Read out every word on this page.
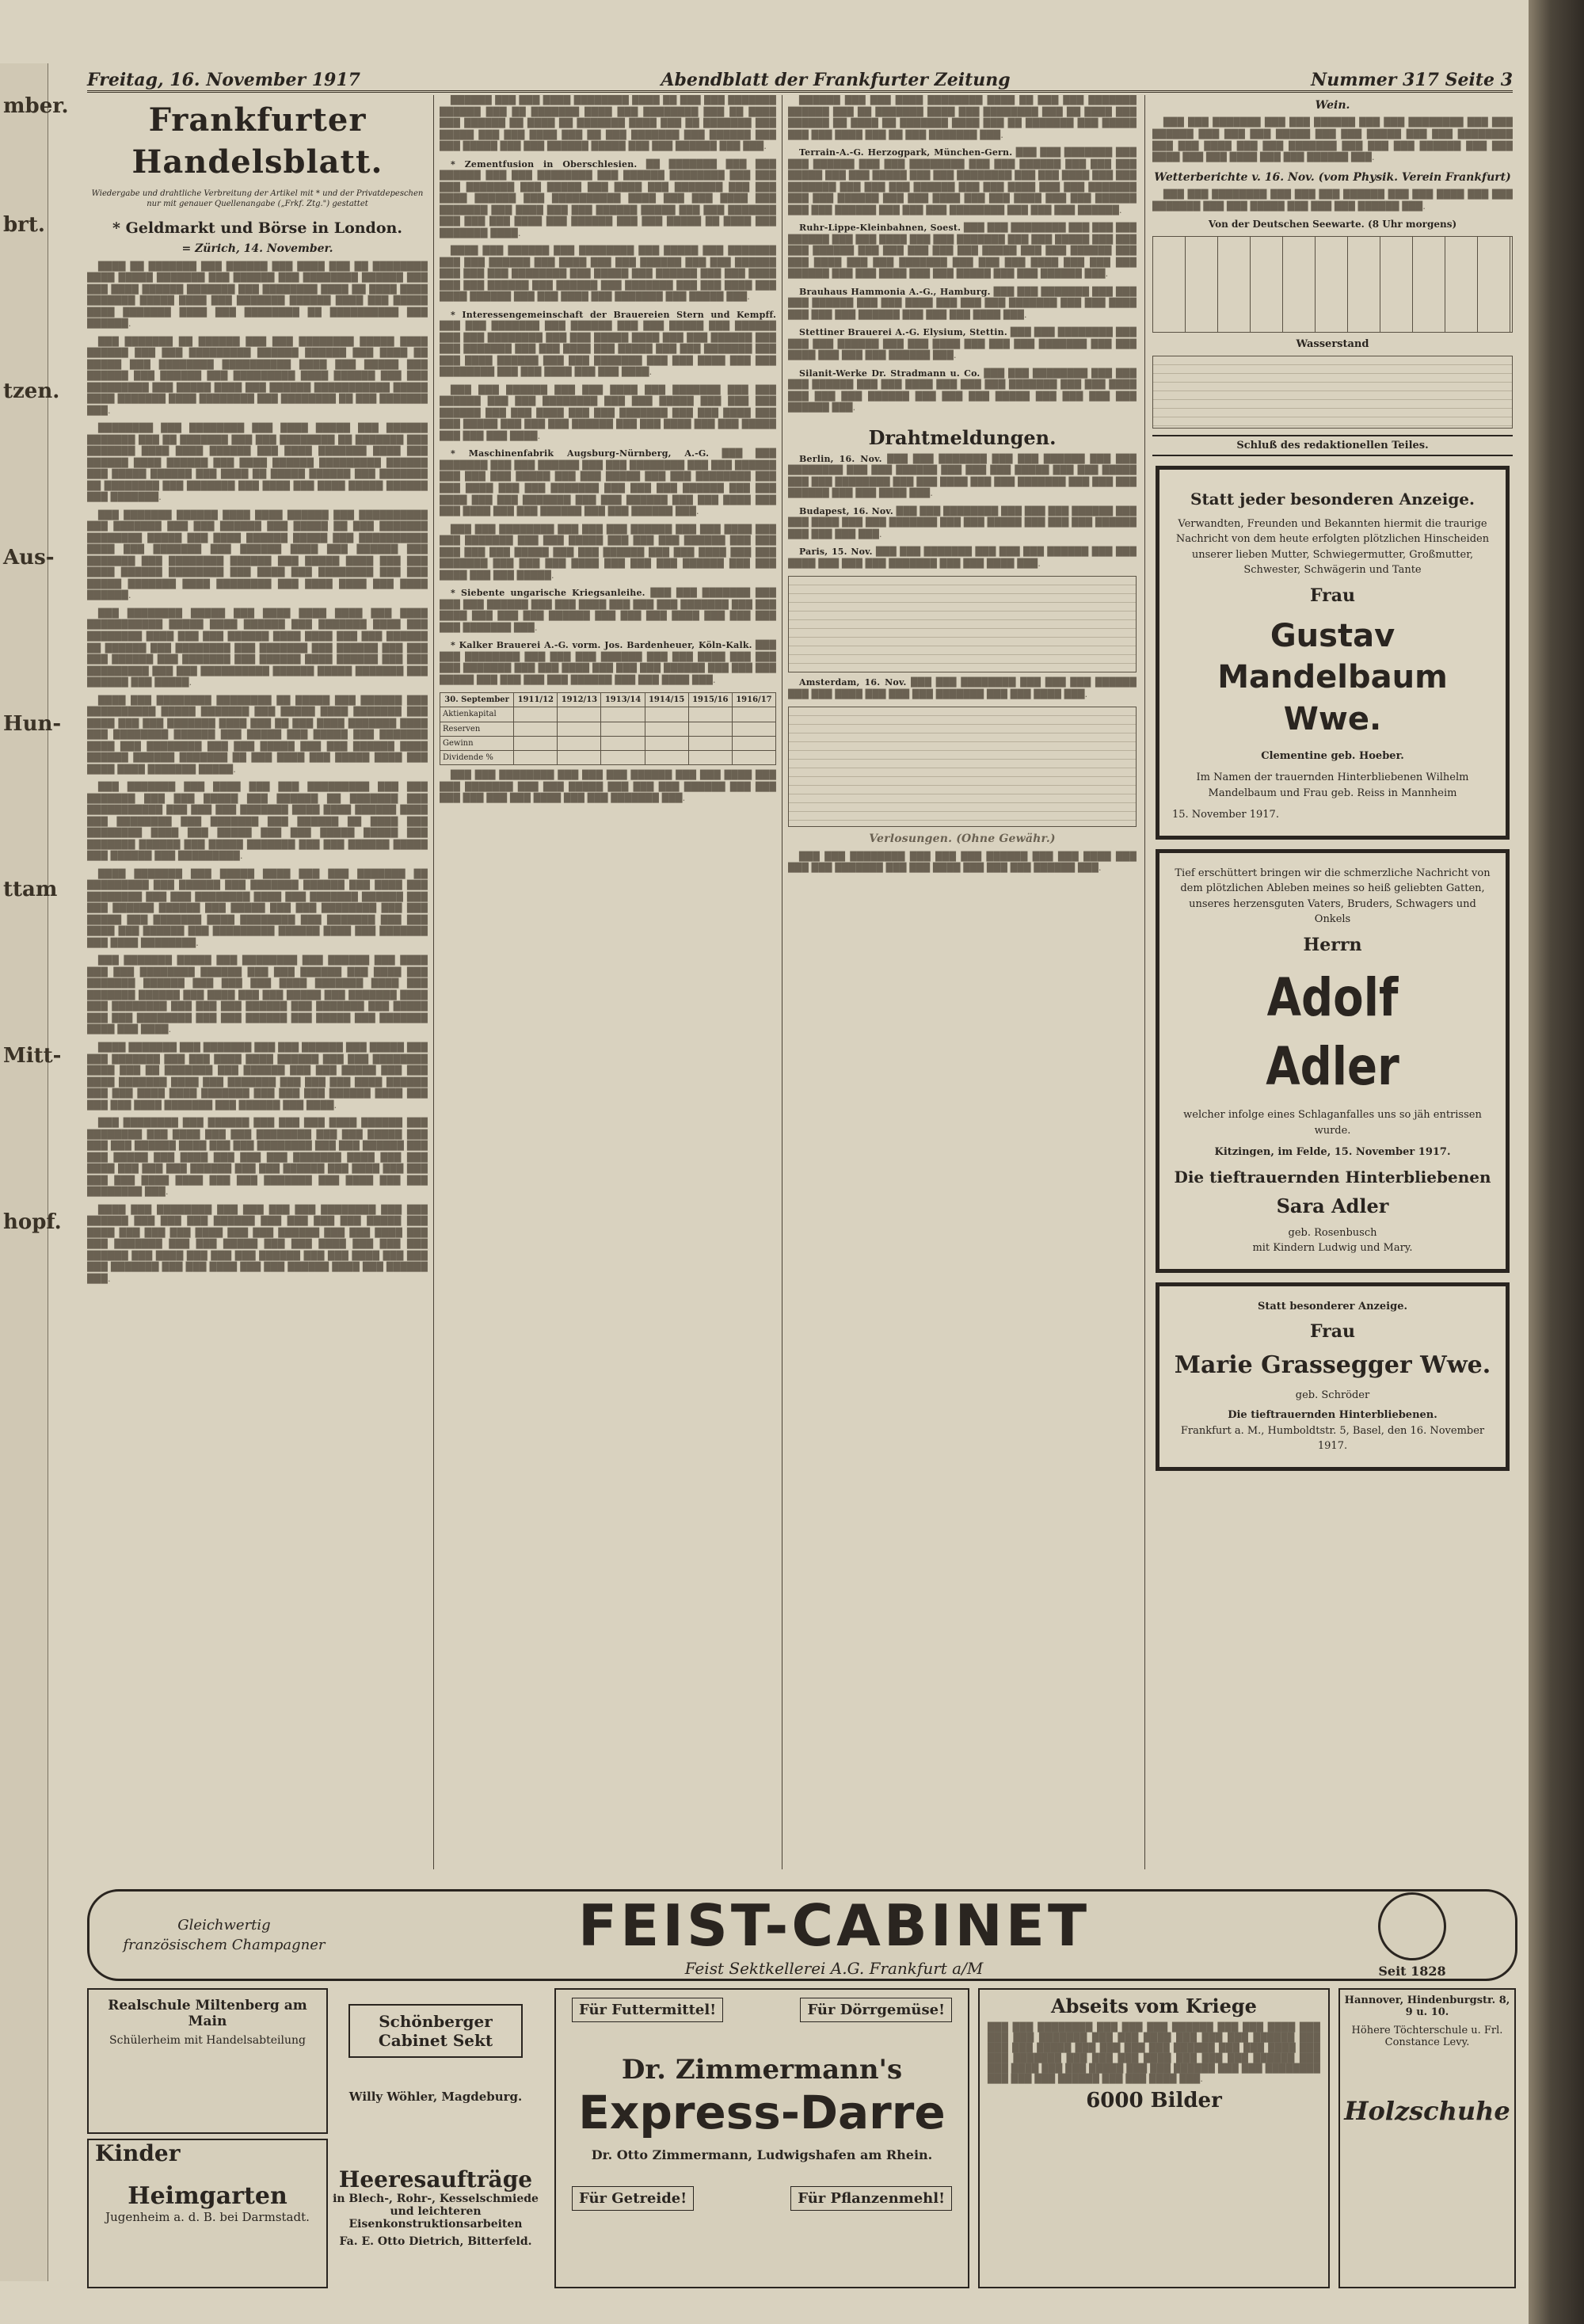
mber.
brt.
tzen.
Aus-
Hun-
ttam
Mitt-
hopf.
Freitag, 16. November 1917	Abendblatt der Frankfurter Zeitung	Nummer 317 Seite 3
Frankfurter Handelsblatt.
Wiedergabe und drahtliche Verbreitung der Artikel mit * und der Privatdepeschen nur mit genauer Quellenangabe („Frkf. Ztg.") gestattet
* Geldmarkt und Börse in London.
= Zürich, 14. November.
████ ██ ███████ ███ ██████ ███ ████ ███ ██ ████████ ████ █████ ███████ ███ ██████ ███ ████████ ██████ ███ ███ ████ ██████ ███████ ███ ████████ ████ ██ ████ ████ ███████ █████ ████ ███ ███████ ██████ ████ ███ █████ ████ ███████ ████ ███ ████████ ██ ██████████ ███ ██████.
███ ███████ ██ ██████ ███ ███ ████████ █████ ████ ██████ ███ ███ █████████ ██████ ██████ ███ ████ ██ █████ ███ ████████ ██████████ ████ ███ █████ ███ ██████ ███ ██████ ███ █████████ ████ ██████ ███ ███ █████████ ███ █████ ████ ███ ██████ ███████████ █████ ████ ███████ ████ ████████ ███ ████████ ██ ███ ███████ ███.
████████ ███ ████████ ███ ████ █████ ███ ██████ ███████ ███ ██ ███████ ███ ███ ████████ ██ ███████ ███ ███████ ████ ████ ██████ ███ ████ ███████ ████ ███ ██████ ████ ██████ ███ ████ ██████ █████████ ██████ ███ █████ ██████ ███ ████ ██ █████ ██████ ███ ███████ ██ ████████ ███ ███████ ███ ████ ███ ████ █████ ██████ ███ ███████.
███ ███████ ██████ ████ ████ ██████ ███ ██████████ ███ ███████ ███ ███ ██████ ███ █████ ██ ███ ███████ ████████ █████ ███ ████ ██████ █████ ███ ██████████ ████ ███ ███████ ███ ██████ ████ ███ ██████ ███ ███████ ███ ████████ ██████ ███ █████ ████ ███ ███ ████ ██████ ████████ ███ ████ ███ ████████ ███ ███ █████ ███████ ████ ████████ ███ ████ ████ ███ ████ ██████.
███ ████████ █████ ███ ████ ████ ████ ███ ████ ███████████ █████ ████ ██████ ███ ███████ ████ ███ ████████ ████ ███ ███ ██████ ████ ████ ███ ███ ██████ ██ ██████ ███ ████████ ███ ███████ ███ ██████ ███ ███ ███ ██████ ███ ███████ ███ ██████ ████ ██████ ███ ███ █████████ ███ ███ ██████████ ██████ █████ ███████ ███ ██████ ███ █████.
████ ███ ████████ ████████ ██ █████ ███ ██████ ███ ██████████ █████ ███████ ███ █████ ████ ███████ ███ ████ ███ ███ ███████ ████ ███ ██ ███ ████ ███████ ████ ███ ████████ ██████ ███ █████ ███ █████ ███ ███████ ████ ███ ████████ ███ ███ █████ ███ ███ ██████ ████ ██████ ██████ ███████ ██ ███ ████ ███ █████ ████ ███ ████ ████ ███████ █████.
███ ███████ ███ ████ ███ ███ █████████ ███ ███ ███████ ███ ███ █████ ███ ██████ ██ ███████ ███ ███████████ ███ ███ ███ ███████ ████ ████ ██████ ████ ███ ████████ ███ ███████ ███ ██████ ██ ████ ███ ████████ ████ ███ █████ ███ ███ █████ █████ ███ ███████ ██████ ███ █████ ███████ ███ ███ ██████ █████ ███ ██████ ███ █████████.
████ ███████ ███ █████ ████ ███ ███ ███████ ██ █████████ ███ ██████ ███ ███████ ██████ ███ ████ ███ ████████ ███ ███ ████████ ████ ███ ███████ ██████ ███ ███ ██████ ██████ ███ █████ ███ ███ ████████ ███ ███ █████ ███ ███████ ████ ████████ ███ ███████ ███ ███ ████ ███ ██████ ███ █████████ ██████ ████ ███ ███████ ███ ████ ████████.
███ ███████ █████ ███ ████████ ███ ██████ ███ ████ ███ ███ ████████ ██████ ███ ███ ██████ ███ ████ ███ ███████ ██████ ███ ███ ███ ████ ███████ ████ ███ ███████ ██████ ███ ████ ███ ███ █████ ███ ███████ ████ ███ ████████ ███ ███ ███ ██████ ███ ███████ ███ █████ ███ ███ ████████ ███ ███ ██████ ███ █████ ███ ███████ ████ ███ ████.
████ ███████ ███ ███████ ███ ███ ██████ ███ █████ ███ ███ ███████ ███ ███ ████ ████ ██████ ███ ███ ████████ ████ ███ ██ ███████ ███ ██████ ███ ███ █████ ███ ███ ████ ███████ ████ ███ ███████ ███ ███ ███ ████ ██████ ███ ███ ████ ████ ███████ ███ ███ ███ ██████ ████ ███ ███ ███ ████ ███████ ███ ██████ ███ ████.
███ ████████ ███ ██████ ███ ███ ███ ████ ██████ ███ ████████ ███ ████ ███ ███ ████████ ███ ███ █████ ███ ███ ███ ██████ ████ ███ ███ ████████ ███ ███ ██████ ███ ███ █████ ███ ████ ███ ███ ███ ███████ ████ ███ ███ ████ ███ ███ ███ ██████ ███ ███ ██████ ███ ████ ███ ███ ███ ███ ████ ████ ███ ███ ███████ ███ ████ ███ ███ ████████ ███.
████ ███ ████████ ███ ███ ███ ███ ████████ ███ ███ ██████ ███ ███ ███ ██████ ███ ███ ███ ███ █████ ███ ████ ███ ███ ███ ████ ███ ███ ██████ ███ ███ ████ ███ ███ ███████ ███ ███ █████ ███ ███ ████ ███ ███ ███ ██████ ███ ████ ███ ███ ███ ██████ ███ ███ ████ ███ ███ ███ ███████ ███ ███ ████ ███ ███ ██████ ████ ███ ██████ ███.
██████ ███ ███ ████ ████████ ████ ██ ███ ███ ███████ ██████ ███ ██ ███████ ████ ███ ████████ ███ ██ ████ ███ ██████ ██ ████ ██ ███████ ████ ███ ██ ███████ ███ █████ ███ ███ ████ ███ ██ ███ ███████ ███ ██████ ███ ███ █████ ███ ███ ██████ █████ ███ ███ ██████ ███ ███.
* Zementfusion in Oberschlesien. ██ ███████ ███ ███ ██████ ███ ███ ████████ ███ ██████ ████████ ███ ███ ███ ███████ ███ █████ ███ ████ ███ ███████ ███ ███ ████ ██████ ███ ██████████ ████ ███ ███ ████ ███ ███████ ███ ████ ███ ███ ██████ █████ ███ ███ ███████ ███ ███ ███ ████ ███ ██████ ███ ███ █████ ██ ████ ███ ███████ ████.
████ ███ ██████ ███ ████████ ███ █████ ███ ███████ ███ ███ ██████ ███ ████ ███ ███ ██████ ███ ███ ██████ ███ ███ ███ ████████ ███ █████ ███ ██████ ███ ███ ████ ███ ███ ██████ ███ ██████ ███ ███████ ███ ███ ████ ███ ████ ██████ ███ ███ ████ ███ ███████ ███ █████ ███.
* Interessengemeinschaft der Brauereien Stern und Kempff. ███ ███ ███████ ███ ██████ ███ ███ █████ ███ ██████ ███ ███ ████████ ███ ███ █████ ████ ███ ███ ██████ ███ ███ ███████ ███ ███ ████ ███ █████ ███ ███ ███████ ███ ███ ████ ██████ ███ ███ ███████ ███ ███ ████ ███ ███ ████████ ███ ███ ████ ███ ███ ████.
███ ███ ██████ ███ ███ ████ ███ ███████ ███ ███ ██████ ███ ███ ████████ ███ ███ █████ ███ ███ ███ ██████ ███ ███ ████ ███ ███ ███████ ███ ███ ████ ███ ███ █████ ███ ███ ███ ██████ ███ ███ ████ ███ ███ █████ ███ ███ ███ ████.
* Maschinenfabrik Augsburg-Nürnberg, A.-G. ███ ███ ███████ ███ ███ ██████ ███ ███ ████████ ███ ███ ██████ ███ ███ ███ █████ ███ ███ █████ ███ ███ ████████ ███ ███ ████ ███ ███ ███████ ███ ███ ███ ██████ ███ ███ ████ ███ ███ ███████ ███ ███ ██████ ███ ███ ████ ███ ███ ████ ███ ███ ██████ ███ ███ ██████ ███.
███ ███ ████████ ███ ███ ███ ██████ ███ ███ ████ ███ ███ ███████ ███ ███ █████ ███ ███ ███ ██████ ███ ███ ███ ███ ███ █████ ███ ███ ██████ ███ ███ ████ ███ ███ ███████ ███ ███ ███ ████ ███ ███ ███ ██████ ███ ███ ████ ███ ███ █████.
* Siebente ungarische Kriegsanleihe. ███ ███ ███████ ███ ███ ███ ██████ ███ ███ ████ ███ ███ ███ ███████ ███ ███ ████ ███ ███ ███ ██████ ███ ███ ███ ████ ███ ███ ███ ███ ███████ ███.
* Kalker Brauerei A.-G. vorm. Jos. Bardenheuer, Köln-Kalk. ███ ███ ████████ ███ ███ ███ ██████ ███ ███ ████ ███ ███ ███ ███████ ███ ███ ████ ███ ███ ███ ██████ ███ ███ ███ █████ ███ ███ ███ ███ ██████ ███ ███ ████ ███.
30. September	1911/12	1912/13	1913/14	1914/15	1915/16	1916/17
Aktienkapital						
Reserven						
Gewinn						
Dividende %						
███ ███ ████████ ███ ███ ███ ██████ ███ ███ ████ ███ ███ ███████ ███ ███ █████ ███ ███ ███ ██████ ███ ███ ███ ███ ███ ███ ████ ███ ███ ███████ ███.
██████ ███ ███ ████ ████████ ████ ██ ███ ███ ███████ ██████ ███ ██ ███████ ████ ███ ████████ ███ ██ ████ ███ ██████ ██ ████ ██ ███████ ████ ███ ██ ███████ ███ █████ ███ ███ ████ ███ ██ ███ ███████ ███.
Terrain-A.-G. Herzogpark, München-Gern. ███ ███ ███████ ███ ███ ██████ ███ ███ ████████ ███ ███ ██████ ███ ███ ███ █████ ███ ███ █████ ███ ███ ████████ ███ ███ ████ ███ ███ ███████ ███ ███ ███ ██████ ███ ███ ████ ███ ███ ███████ ███ ███ ██████ ███ ███ ████ ███ ███ ████ ███ ███ ██████ ███ ███ ██████ ███ ███ ███ ████████ ███ ███ ███ ██████.
Ruhr-Lippe-Kleinbahnen, Soest. ███ ███ ████████ ███ ███ ███ ██████ ███ ███ ████ ███ ███ ███████ ███ ███ █████ ███ ███ ███ ██████ ███ ███ ███ ███ ███ █████ ███ ███ ██████ ███ ███ ████ ███ ███ ███████ ███ ███ ███ ████ ███ ███ ███ ██████ ███ ███ ████ ███ ███ █████ ███ ███ ██████ ███.
Brauhaus Hammonia A.-G., Hamburg. ███ ███ ███████ ███ ███ ███ ██████ ███ ███ ████ ███ ███ ███ ███████ ███ ███ ████ ███ ███ ███ ██████ ███ ███ ███ ████ ███.
Stettiner Brauerei A.-G. Elysium, Stettin. ███ ███ ████████ ███ ███ ███ ██████ ███ ███ ████ ███ ███ ███ ███████ ███ ███ ████ ███ ███ ███ ██████ ███.
Silanit-Werke Dr. Stradmann u. Co. ███ ███ ████████ ███ ███ ███ ██████ ███ ███ ████ ███ ███ ███ ███████ ███ ███ ████ ███ ███ ███ ██████ ███ ███ ███ █████ ███ ███ ███ ███ ██████ ███.
Drahtmeldungen.
Berlin, 16. Nov. ███ ███ ███████ ███ ███ ██████ ███ ███ ████████ ███ ███ ██████ ███ ███ ███ █████ ███ ███ █████ ███ ███ ████████ ███ ███ ████ ███ ███ ███████ ███ ███ ███ ██████ ███ ███ ████ ███.
Budapest, 16. Nov. ███ ███ ████████ ███ ███ ███ ██████ ███ ███ ████ ███ ███ ███████ ███ ███ █████ ███ ███ ███ ██████ ███ ███ ███ ███.
Paris, 15. Nov. ███ ███ ███████ ███ ███ ███ ██████ ███ ███ ████ ███ ███ ███ ███████ ███ ███ ████ ███.
Amsterdam, 16. Nov. ███ ███ ████████ ███ ███ ███ ██████ ███ ███ ████ ███ ███ ███ ███████ ███ ███ ████ ███.
Verlosungen. (Ohne Gewähr.)
███ ███ ████████ ███ ███ ███ ██████ ███ ███ ████ ███ ███ ███ ███████ ███ ███ ████ ███ ███ ███ ██████ ███.
Wein.
███ ███ ███████ ███ ███ ██████ ███ ███ ████████ ███ ███ ██████ ███ ███ ███ █████ ███ ███ █████ ███ ███ ████████ ███ ███ ████ ███ ███ ███████ ███ ███ ███ ██████ ███ ███ ████ ███ ███ ████ ███ ███ ██████ ███.
Wetterberichte v. 16. Nov. (vom Physik. Verein Frankfurt)
███ ███ ████████ ███ ███ ███ ██████ ███ ███ ████ ███ ███ ███████ ███ ███ █████ ███ ███ ███ ██████ ███.
Von der Deutschen Seewarte. (8 Uhr morgens)
Wasserstand
Schluß des redaktionellen Teiles.
Statt jeder besonderen Anzeige.
Verwandten, Freunden und Bekannten hiermit die traurige Nachricht von dem heute erfolgten plötzlichen Hinscheiden unserer lieben Mutter, Schwiegermutter, Großmutter, Schwester, Schwägerin und Tante
Frau
Gustav Mandelbaum Wwe.
Clementine geb. Hoeber.
Im Namen der trauernden Hinterbliebenen Wilhelm Mandelbaum und Frau geb. Reiss in Mannheim
15. November 1917.
Tief erschüttert bringen wir die schmerzliche Nachricht von dem plötzlichen Ableben meines so heiß geliebten Gatten, unseres herzensguten Vaters, Bruders, Schwagers und Onkels
Herrn
Adolf Adler
welcher infolge eines Schlaganfalles uns so jäh entrissen wurde.
Kitzingen, im Felde, 15. November 1917.
Die tieftrauernden Hinterbliebenen
Sara Adler
geb. Rosenbusch
mit Kindern Ludwig und Mary.
Statt besonderer Anzeige.
Frau
Marie Grassegger Wwe.
geb. Schröder
Die tieftrauernden Hinterbliebenen.
Frankfurt a. M., Humboldtstr. 5, Basel, den 16. November 1917.
Gleichwertig
französischem Champagner	FEIST-CABINET
Feist Sektkellerei A.G. Frankfurt a/M	Seit 1828
Realschule Miltenberg am Main
Schülerheim mit Handelsabteilung
Kinder
Heimgarten
Jugenheim a. d. B. bei Darmstadt.
Schönberger Cabinet Sekt
Willy Wöhler, Magdeburg.
Heeresaufträge
in Blech-, Rohr-, Kesselschmiede und leichteren Eisenkonstruktionsarbeiten
Fa. E. Otto Dietrich, Bitterfeld.
Für Futtermittel!	Für Dörrgemüse!
Dr. Zimmermann's
Express-Darre
Dr. Otto Zimmermann, Ludwigshafen am Rhein.
Für Getreide!	Für Pflanzenmehl!
Abseits vom Kriege
███ ███ ████████ ███ ███ ███ ██████ ███ ███ ████ ███ ███ ███ ███████ ███ ███ ████ ███ ███ ███ ██████ ███ ███ ███ █████ ███ ███ ███ ███ ██████ ███ ███ ████ ███ ███ ███████ ███ ███ ███ ████ ███ ███ ███ ██████ ███ ███ ████ ███ ███ █████ ███ ███ ██████ ███ ███ ████████ ███ ███ ███ ██████ ███ ███ ████ ███.
6000 Bilder
Hannover, Hindenburgstr. 8, 9 u. 10.
Höhere Töchterschule u. Frl. Constance Levy.
Holzschuhe
